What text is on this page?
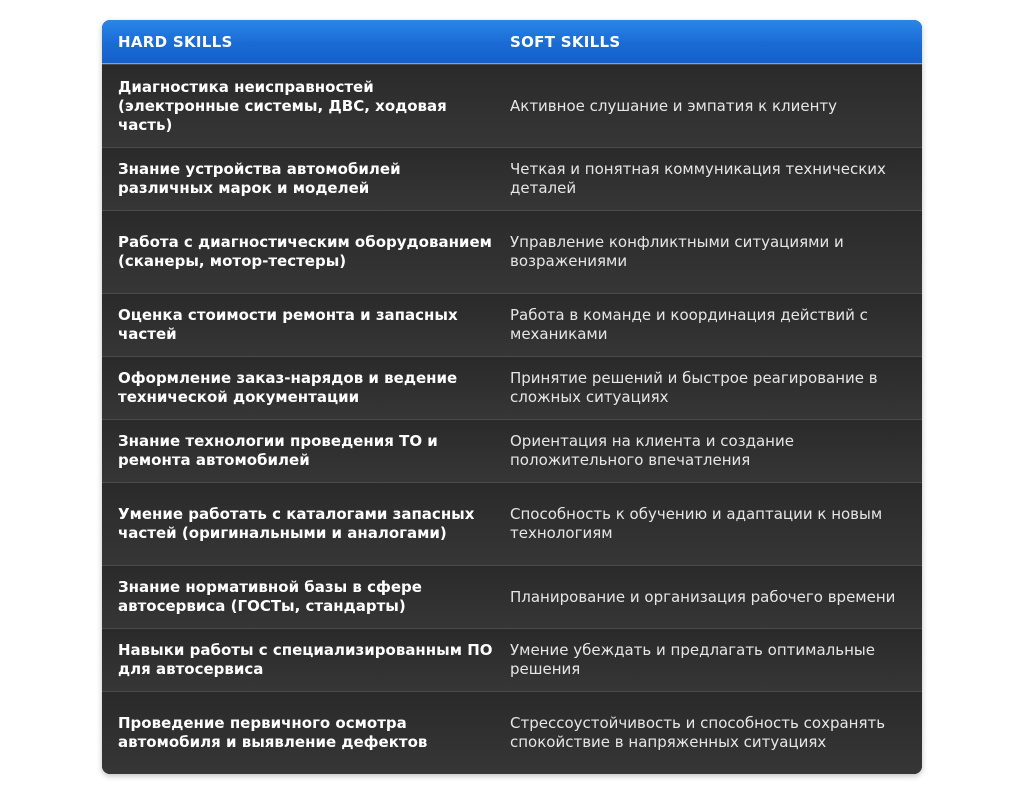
HARD SKILLS	SOFT SKILLS
Диагностика неисправностей (электронные системы, ДВС, ходовая часть)
Активное слушание и эмпатия к клиенту
Знание устройства автомобилей различных марок и моделей
Четкая и понятная коммуникация технических деталей
Работа с диагностическим оборудованием (сканеры, мотор-тестеры)
Управление конфликтными ситуациями и возражениями
Оценка стоимости ремонта и запасных частей
Работа в команде и координация действий с механиками
Оформление заказ-нарядов и ведение технической документации
Принятие решений и быстрое реагирование в сложных ситуациях
Знание технологии проведения ТО и ремонта автомобилей
Ориентация на клиента и создание положительного впечатления
Умение работать с каталогами запасных частей (оригинальными и аналогами)
Способность к обучению и адаптации к новым технологиям
Знание нормативной базы в сфере автосервиса (ГОСТы, стандарты)
Планирование и организация рабочего времени
Навыки работы с специализированным ПО для автосервиса
Умение убеждать и предлагать оптимальные решения
Проведение первичного осмотра автомобиля и выявление дефектов
Стрессоустойчивость и способность сохранять спокойствие в напряженных ситуациях
